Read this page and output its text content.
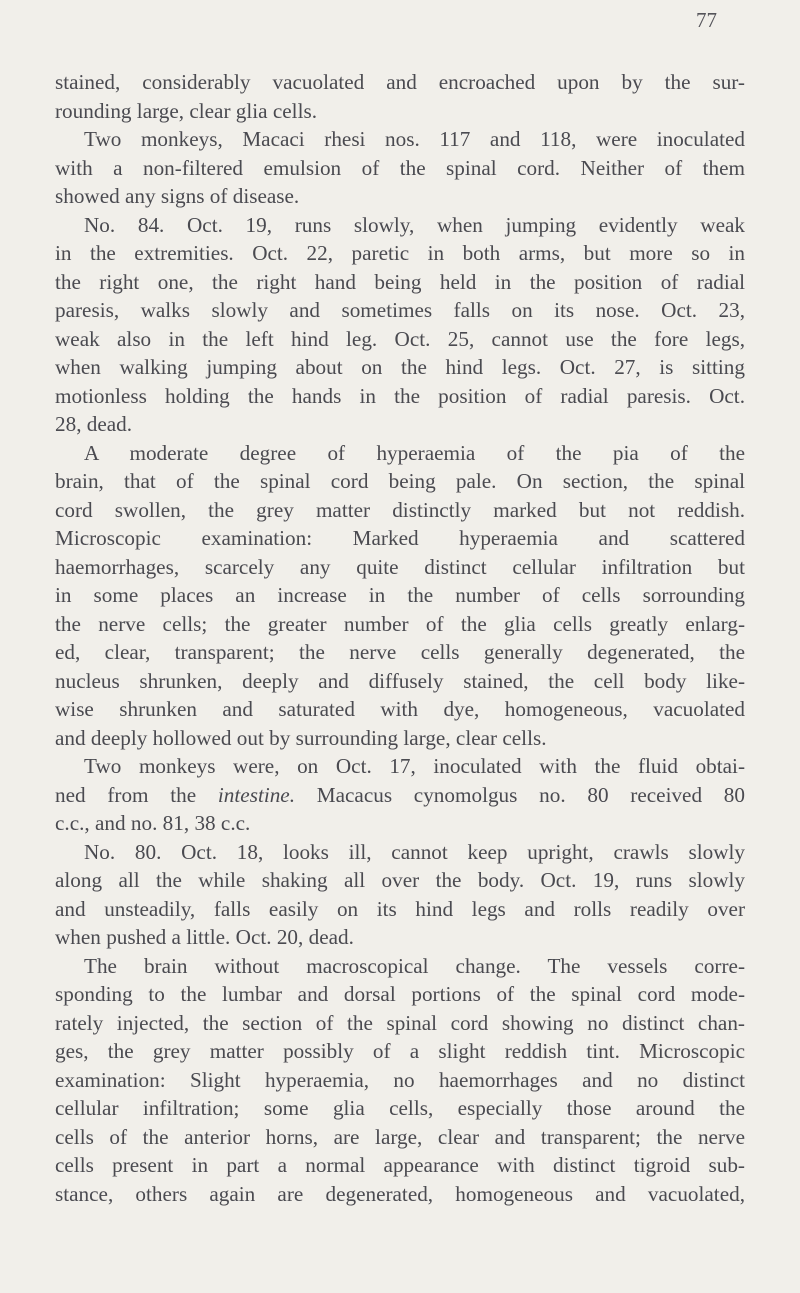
77

stained, considerably vacuolated and encroached upon by the sur-
rounding large, clear glia cells.
Two monkeys, Macaci rhesi nos. 117 and 118, were inoculated
with a non-filtered emulsion of the spinal cord. Neither of them
showed any signs of disease.
No. 84. Oct. 19, runs slowly, when jumping evidently weak
in the extremities. Oct. 22, paretic in both arms, but more so in
the right one, the right hand being held in the position of radial
paresis, walks slowly and sometimes falls on its nose. Oct. 23,
weak also in the left hind leg. Oct. 25, cannot use the fore legs,
when walking jumping about on the hind legs. Oct. 27, is sitting
motionless holding the hands in the position of radial paresis. Oct.
28, dead.
A moderate degree of hyperaemia of the pia of the
brain, that of the spinal cord being pale. On section, the spinal
cord swollen, the grey matter distinctly marked but not reddish.
Microscopic examination: Marked hyperaemia and scattered
haemorrhages, scarcely any quite distinct cellular infiltration but
in some places an increase in the number of cells sorrounding
the nerve cells; the greater number of the glia cells greatly enlarg-
ed, clear, transparent; the nerve cells generally degenerated, the
nucleus shrunken, deeply and diffusely stained, the cell body like-
wise shrunken and saturated with dye, homogeneous, vacuolated
and deeply hollowed out by surrounding large, clear cells.
Two monkeys were, on Oct. 17, inoculated with the fluid obtai-
ned from the intestine. Macacus cynomolgus no. 80 received 80
c.c., and no. 81, 38 c.c.
No. 80. Oct. 18, looks ill, cannot keep upright, crawls slowly
along all the while shaking all over the body. Oct. 19, runs slowly
and unsteadily, falls easily on its hind legs and rolls readily over
when pushed a little. Oct. 20, dead.
The brain without macroscopical change. The vessels corre-
sponding to the lumbar and dorsal portions of the spinal cord mode-
rately injected, the section of the spinal cord showing no distinct chan-
ges, the grey matter possibly of a slight reddish tint. Microscopic
examination: Slight hyperaemia, no haemorrhages and no distinct
cellular infiltration; some glia cells, especially those around the
cells of the anterior horns, are large, clear and transparent; the nerve
cells present in part a normal appearance with distinct tigroid sub-
stance, others again are degenerated, homogeneous and vacuolated,
